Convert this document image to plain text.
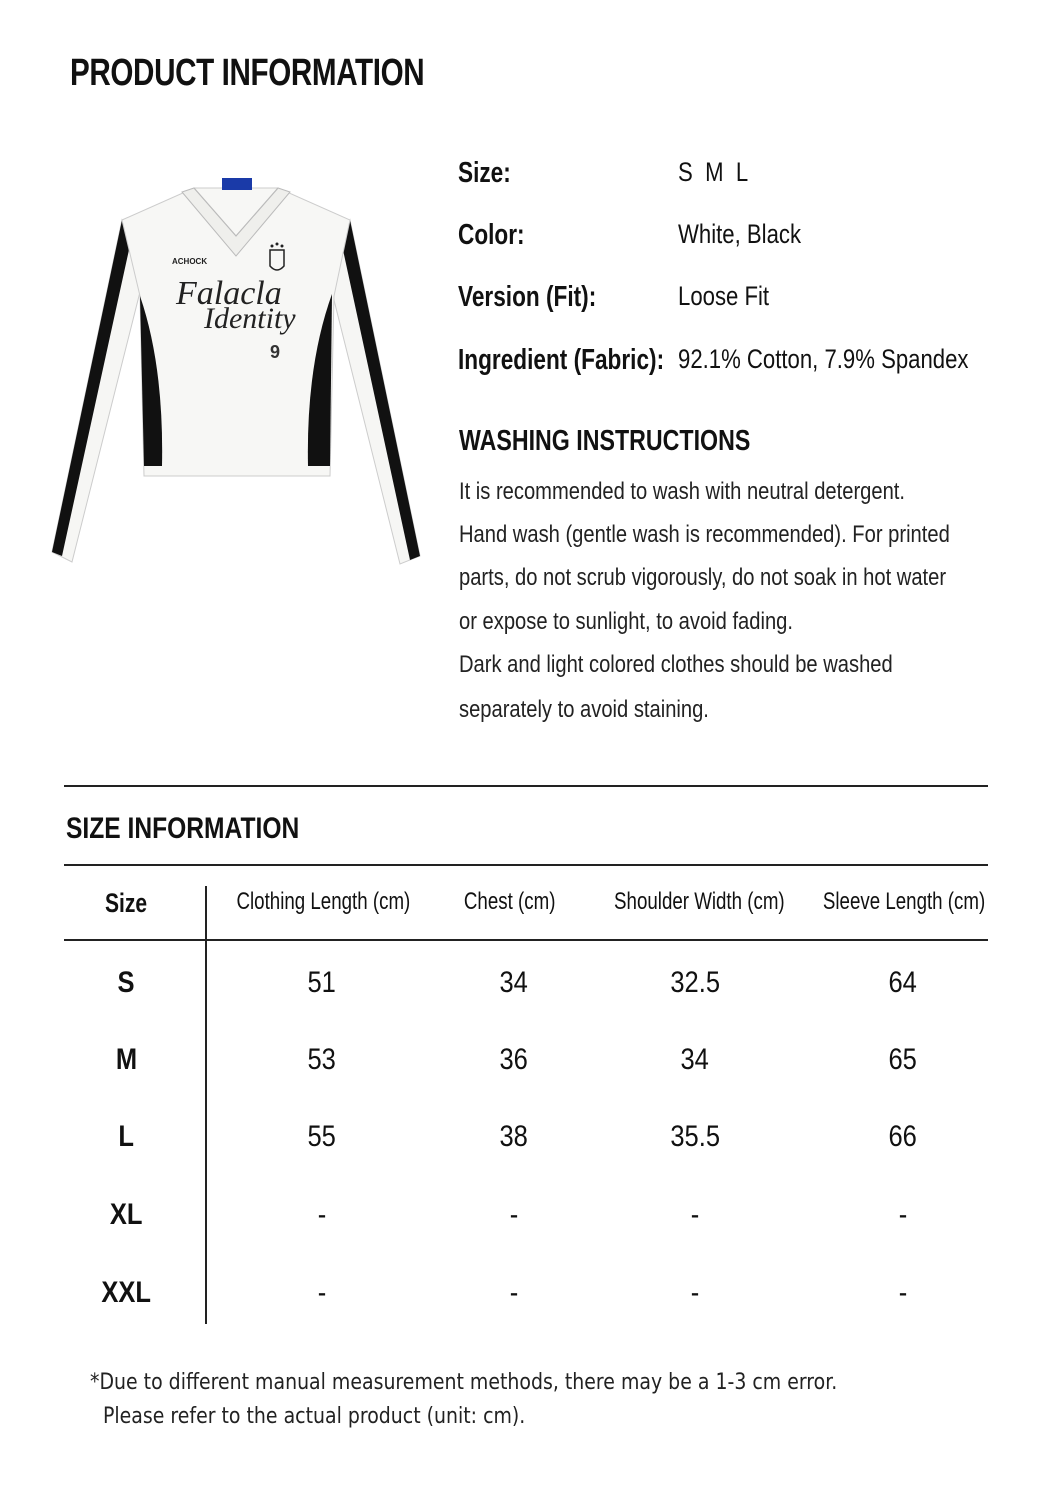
PRODUCT INFORMATION
ACHOCK
Falacla
Identity
9
Size:	S  M  L
Color:	White, Black
Version (Fit):	Loose Fit
Ingredient (Fabric): 92.1% Cotton, 7.9% Spandex
WASHING INSTRUCTIONS
It is recommended to wash with neutral detergent.
Hand wash (gentle wash is recommended). For printed
parts, do not scrub vigorously, do not soak in hot water
or expose to sunlight, to avoid fading.
Dark and light colored clothes should be washed
separately to avoid staining.
SIZE INFORMATION
Size	Clothing Length (cm)	Chest (cm)	Shoulder Width (cm)	Sleeve Length (cm)
S	51	34	32.5	64
M	53	36	34	65
L	55	38	35.5	66
XL	-	-	-	-
XXL	-	-	-	-
*Due to different manual measurement methods, there may be a 1-3 cm error.
Please refer to the actual product (unit: cm).
